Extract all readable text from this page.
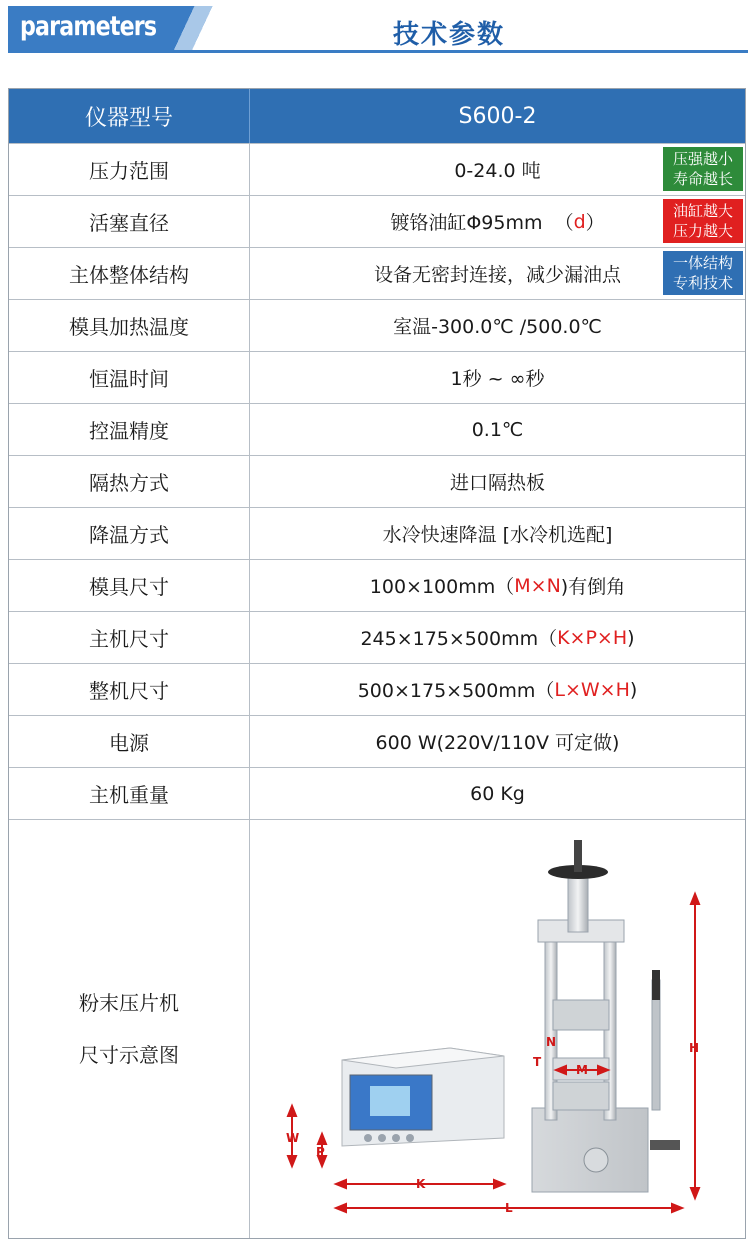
parameters	技术参数
仪器型号	S600-2
压力范围	0-24.0 吨
压强越小
寿命越长
活塞直径	镀铬油缸Φ95mm  （ d ）
油缸越大
压力越大
主体整体结构	设备无密封连接，减少漏油点
一体结构
专利技术
模具加热温度	室温-300.0℃ /500.0℃
恒温时间	1秒 ~ ∞秒
控温精度	0.1℃
隔热方式	进口隔热板
降温方式	水冷快速降温 [水冷机选配]
模具尺寸	100×100mm（ M×N )有倒角
主机尺寸	245×175×500mm（ K×P×H )
整机尺寸	500×175×500mm（ L×W×H )
电源	600 W(220V/110V 可定做)
主机重量	60 Kg
粉末压片机
尺寸示意图	H
W
P
K
L
M
N
T
